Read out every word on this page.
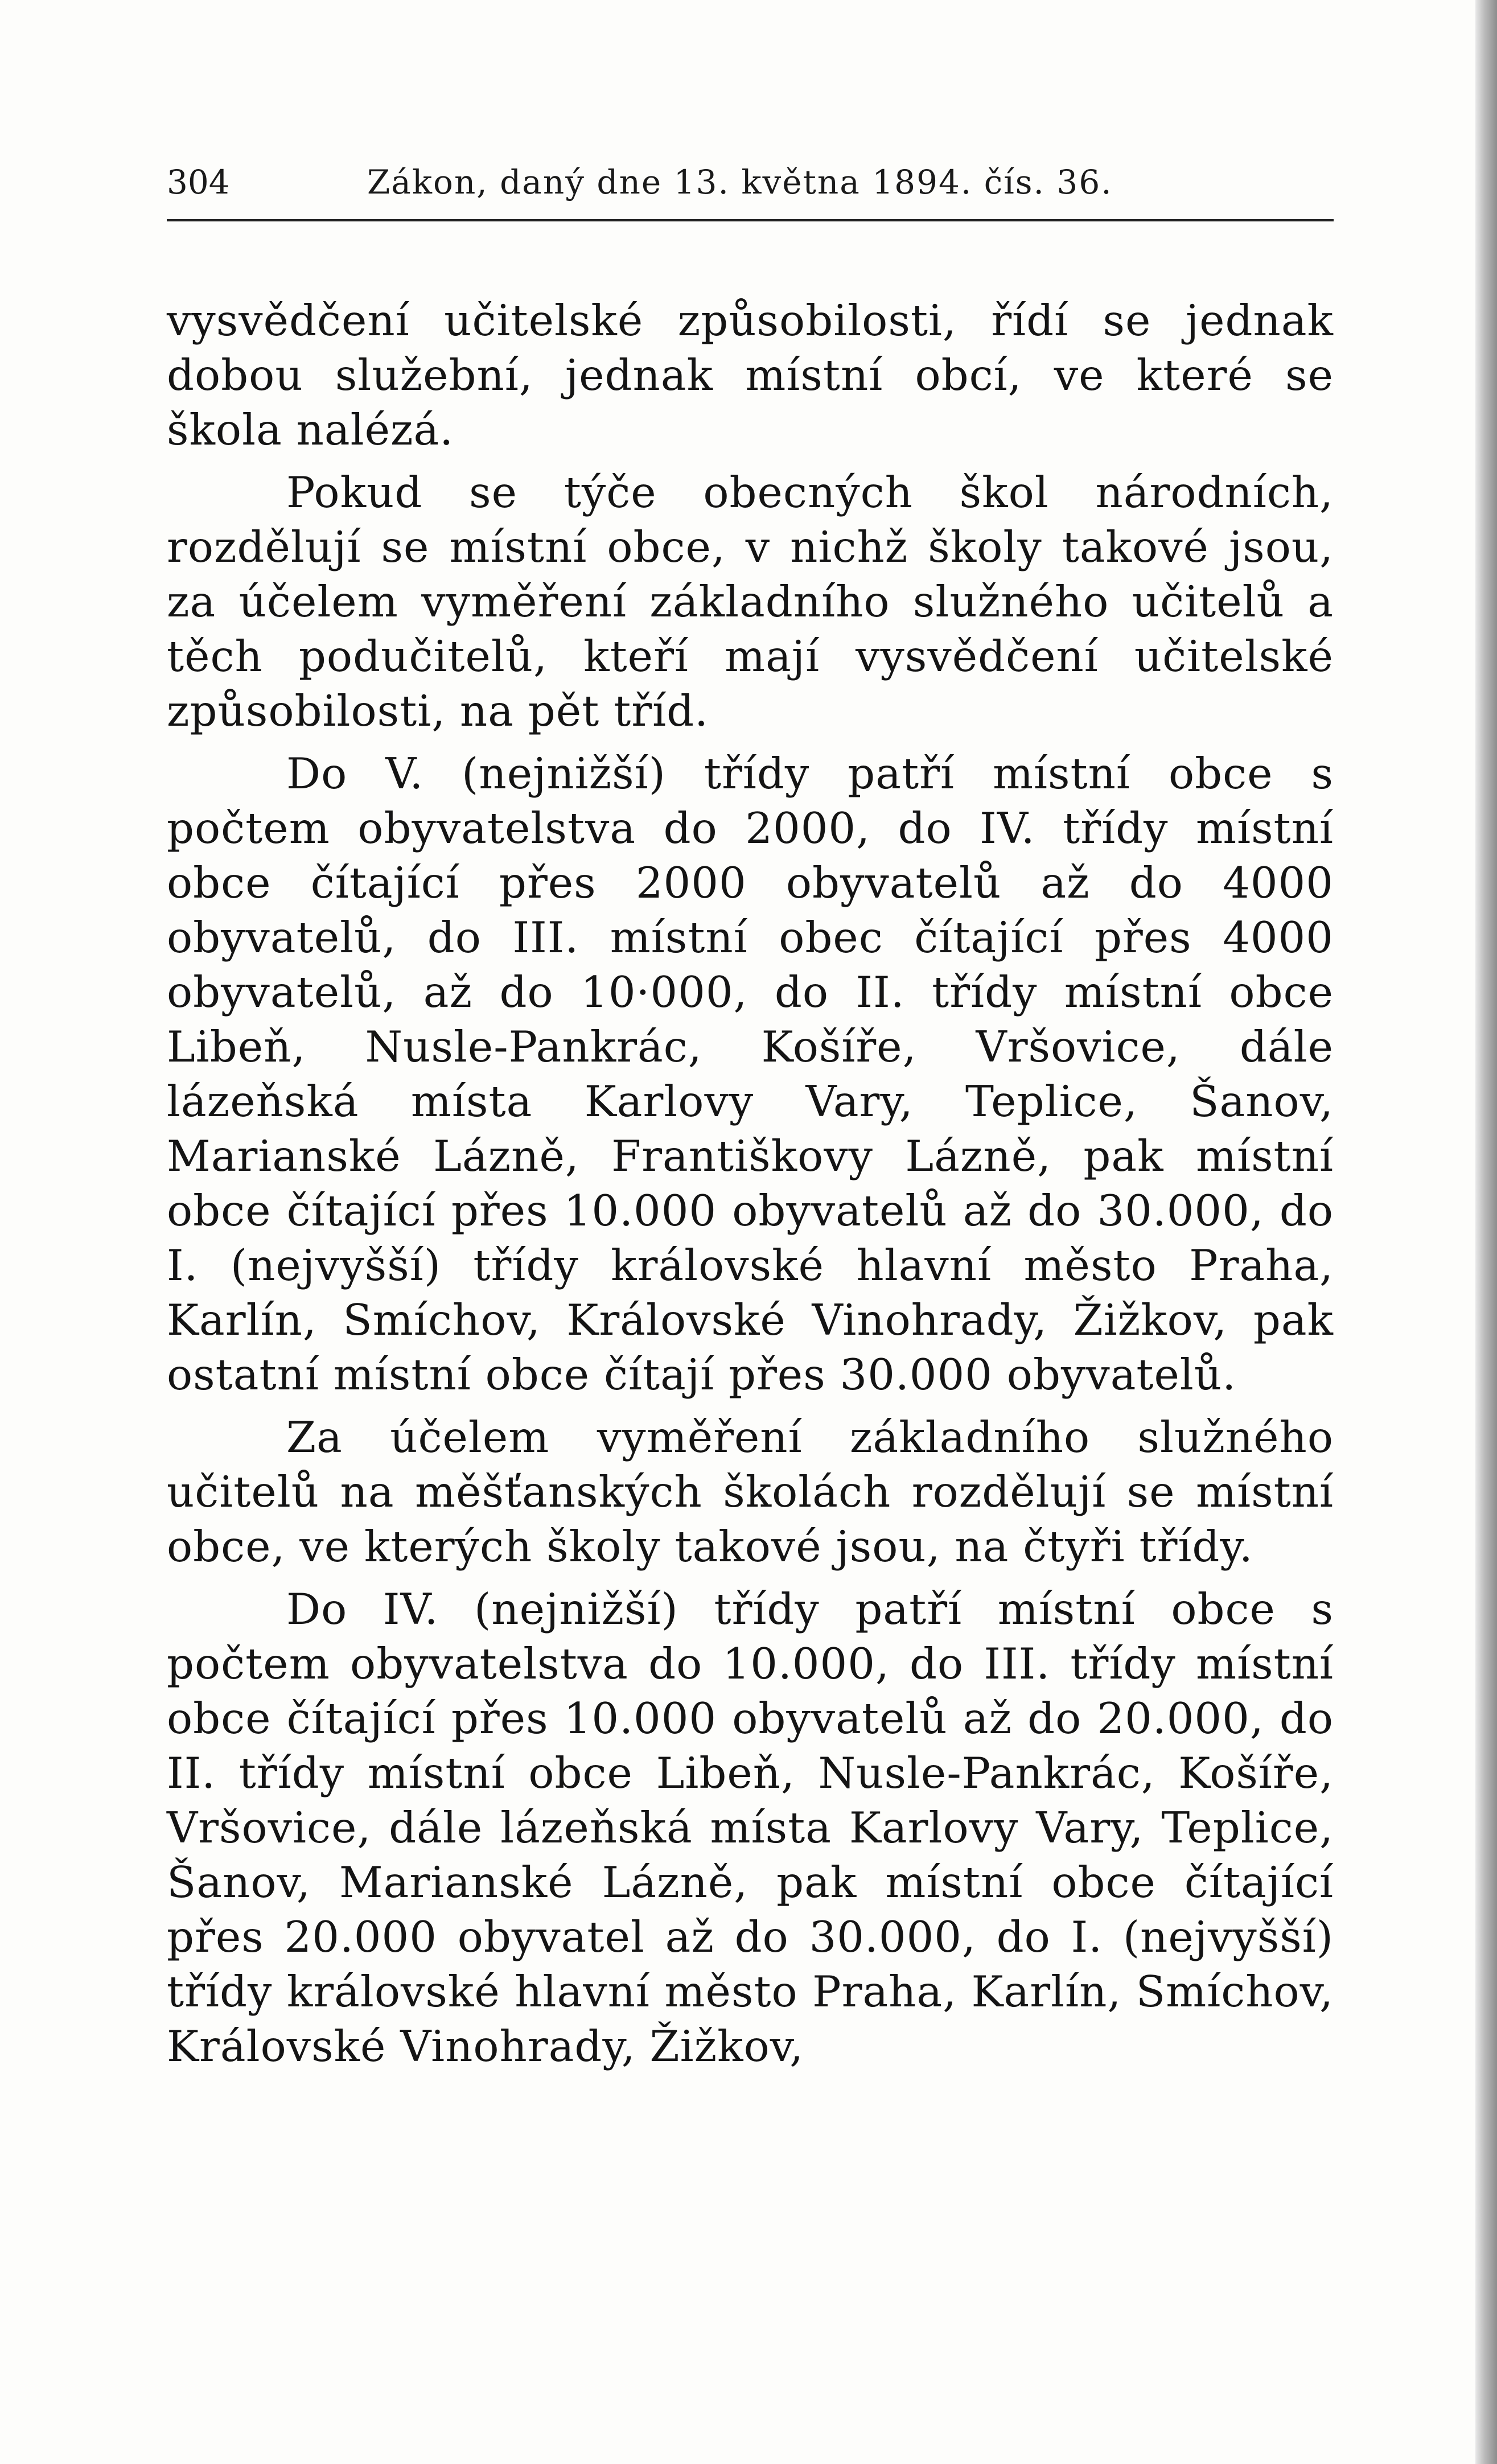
304	Zákon, daný dne 13. května 1894. čís. 36.

vysvědčení učitelské způsobilosti, řídí se jednak dobou služební, jednak místní obcí, ve které se škola nalézá.

Pokud se týče obecných škol národních, rozdělují se místní obce, v nichž školy takové jsou, za účelem vyměření základního služného učitelů a těch podučitelů, kteří mají vysvědčení učitelské způsobilosti, na pět tříd.

Do V. (nejnižší) třídy patří místní obce s počtem obyvatelstva do 2000, do IV. třídy místní obce čítající přes 2000 obyvatelů až do 4000 obyvatelů, do III. místní obec čítající přes 4000 obyvatelů, až do 10·000, do II. třídy místní obce Libeň, Nusle-Pankrác, Košíře, Vršovice, dále lázeňská místa Karlovy Vary, Teplice, Šanov, Marianské Lázně, Františkovy Lázně, pak místní obce čítající přes 10.000 obyvatelů až do 30.000, do I. (nejvyšší) třídy královské hlavní město Praha, Karlín, Smíchov, Královské Vinohrady, Žižkov, pak ostatní místní obce čítají přes 30.000 obyvatelů.

Za účelem vyměření základního služného učitelů na měšťanských školách rozdělují se místní obce, ve kterých školy takové jsou, na čtyři třídy.

Do IV. (nejnižší) třídy patří místní obce s počtem obyvatelstva do 10.000, do III. třídy místní obce čítající přes 10.000 obyvatelů až do 20.000, do II. třídy místní obce Libeň, Nusle-Pankrác, Košíře, Vršovice, dále lázeňská místa Karlovy Vary, Teplice, Šanov, Marianské Lázně, pak místní obce čítající přes 20.000 obyvatel až do 30.000, do I. (nejvyšší) třídy královské hlavní město Praha, Karlín, Smíchov, Královské Vinohrady, Žižkov,
